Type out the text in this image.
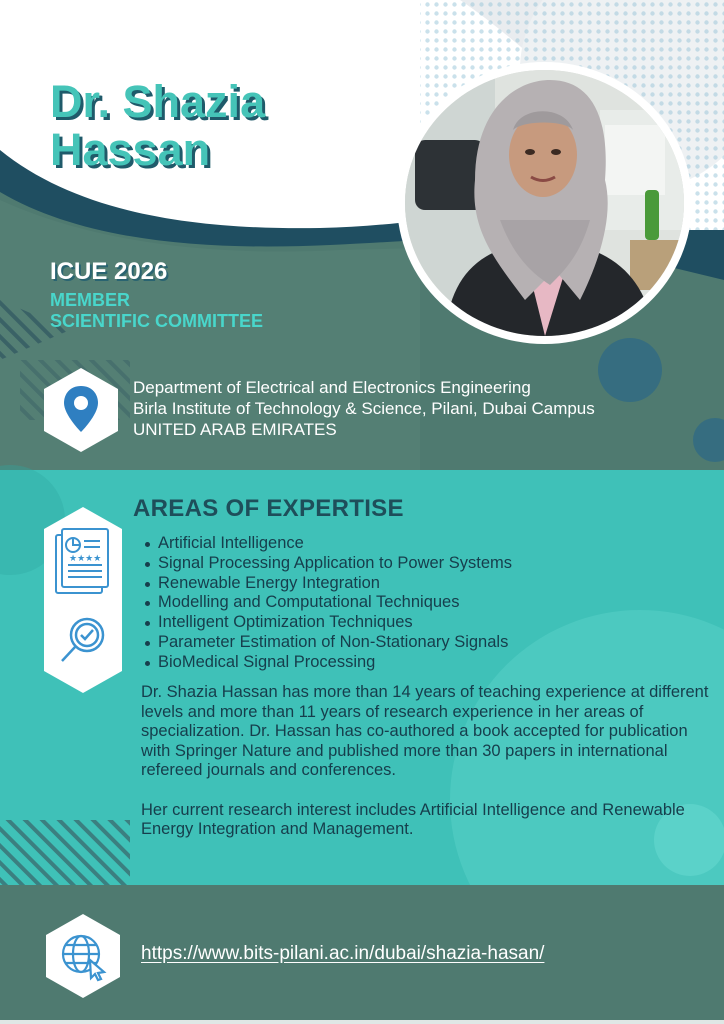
Dr. Shazia
Hassan
ICUE 2026
MEMBER
SCIENTIFIC COMMITTEE
Department of Electrical and Electronics Engineering
Birla Institute of Technology & Science, Pilani, Dubai Campus
UNITED ARAB EMIRATES
★★★★
AREAS OF EXPERTISE
Artificial Intelligence
Signal Processing Application to Power Systems
Renewable Energy Integration
Modelling and Computational Techniques
Intelligent Optimization Techniques
Parameter Estimation of Non-Stationary Signals
BioMedical Signal Processing

Dr. Shazia Hassan has more than 14 years of teaching experience at different levels and more than 11 years of research experience in her areas of specialization. Dr. Hassan has co-authored a book accepted for publication with Springer Nature and published more than 30 papers in international refereed journals and conferences.

Her current research interest includes Artificial Intelligence and Renewable Energy Integration and Management.

https://www.bits-pilani.ac.in/dubai/shazia-hasan/
